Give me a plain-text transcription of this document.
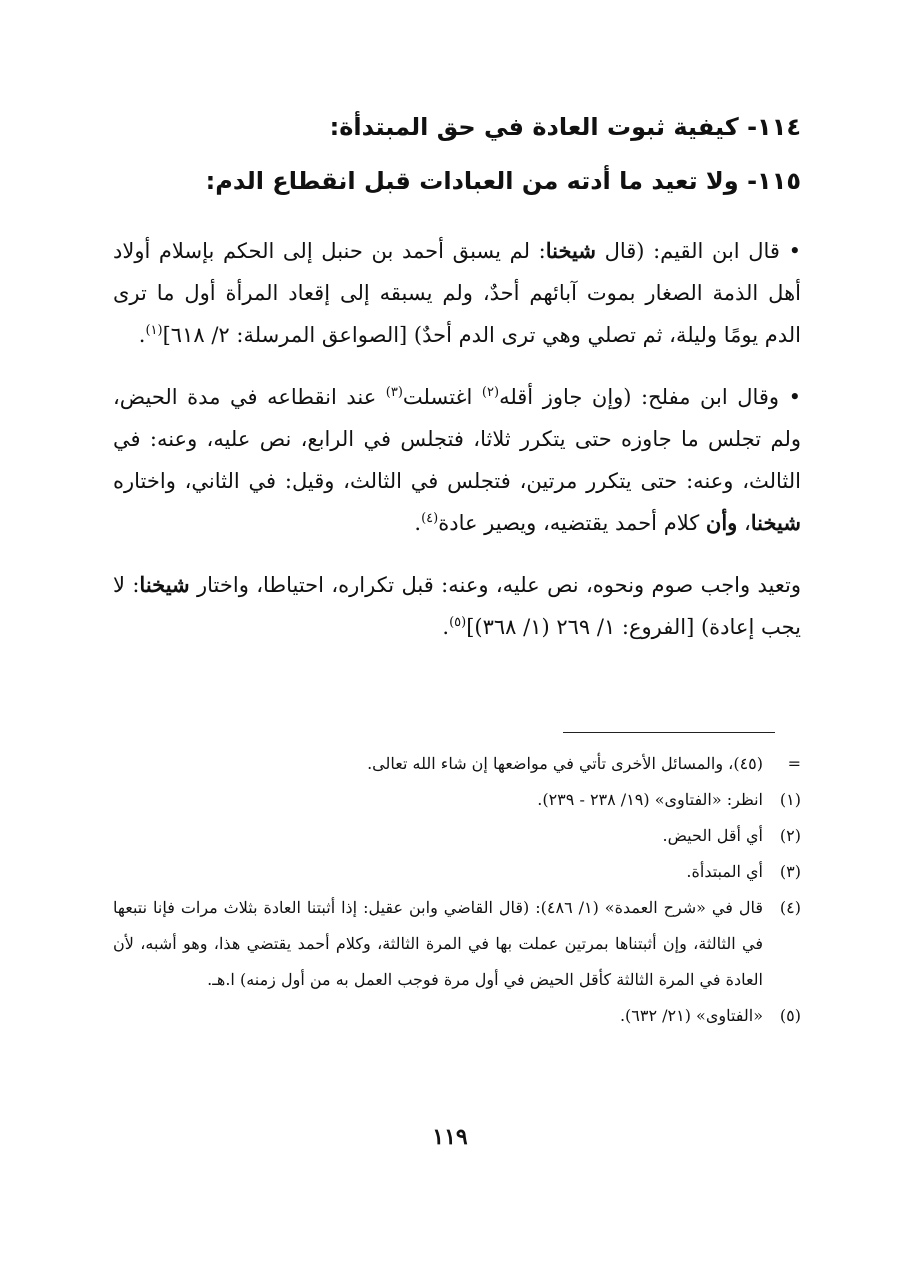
١١٤- كيفية ثبوت العادة في حق المبتدأة:
١١٥- ولا تعيد ما أدته من العبادات قبل انقطاع الدم:

• قال ابن القيم: (قال شيخنا: لم يسبق أحمد بن حنبل إلى الحكم بإسلام أولاد أهل الذمة الصغار بموت آبائهم أحدٌ، ولم يسبقه إلى إقعاد المرأة أول ما ترى الدم يومًا وليلة، ثم تصلي وهي ترى الدم أحدٌ) [الصواعق المرسلة: ٢/ ٦١٨]$^{(١)}$.

• وقال ابن مفلح: (وإن جاوز أقله$^{(٢)}$ اغتسلت$^{(٣)}$ عند انقطاعه في مدة الحيض، ولم تجلس ما جاوزه حتى يتكرر ثلاثا، فتجلس في الرابع، نص عليه، وعنه: في الثالث، وعنه: حتى يتكرر مرتين، فتجلس في الثالث، وقيل: في الثاني، واختاره شيخنا، وأن كلام أحمد يقتضيه، ويصير عادة$^{(٤)}$.

وتعيد واجب صوم ونحوه، نص عليه، وعنه: قبل تكراره، احتياطا، واختار شيخنا: لا يجب إعادة) [الفروع: ١/ ٢٦٩ (١/ ٣٦٨)]$^{(٥)}$.

=
(٤٥)، والمسائل الأخرى تأتي في مواضعها إن شاء الله تعالى.
(١)
انظر: «الفتاوى» (١٩/ ٢٣٨ - ٢٣٩).
(٢)
أي أقل الحيض.
(٣)
أي المبتدأة.
(٤)
قال في «شرح العمدة» (١/ ٤٨٦): (قال القاضي وابن عقيل: إذا أثبتنا العادة بثلاث مرات فإنا نتبعها في الثالثة، وإن أثبتناها بمرتين عملت بها في المرة الثالثة، وكلام أحمد يقتضي هذا، وهو أشبه، لأن العادة في المرة الثالثة كأقل الحيض في أول مرة فوجب العمل به من أول زمنه) ا.هـ.
(٥)
«الفتاوى» (٢١/ ٦٣٢).
١١٩
